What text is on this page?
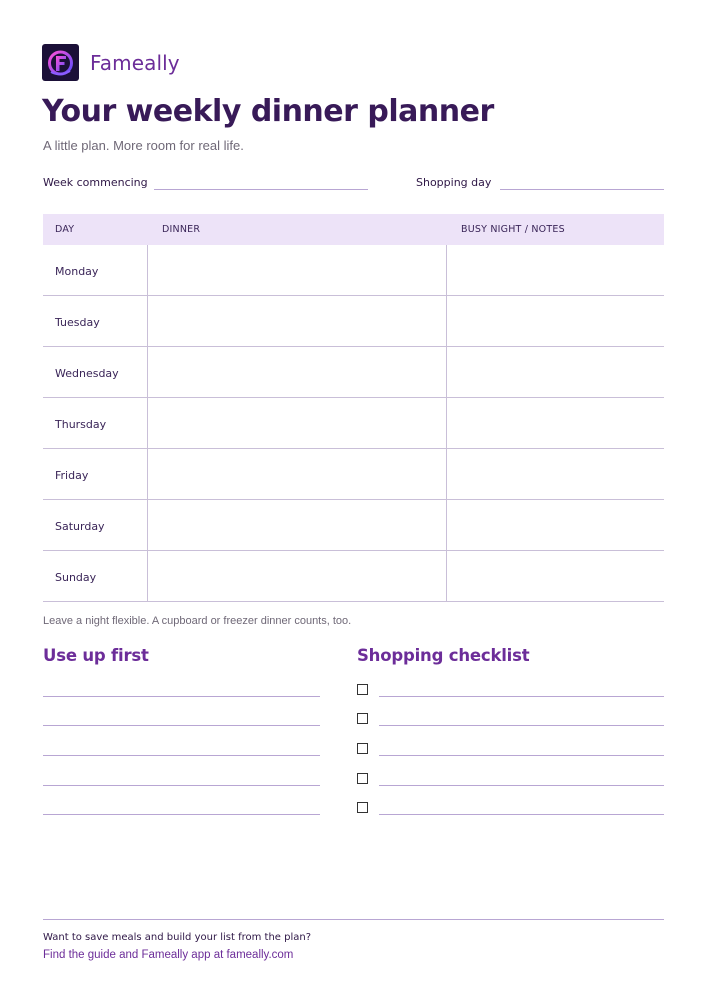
Fameally
Your weekly dinner planner

A little plan. More room for real life.

Week commencing	Shopping day
DAY	DINNER	BUSY NIGHT / NOTES
Monday
Tuesday
Wednesday
Thursday
Friday
Saturday
Sunday

Leave a night flexible. A cupboard or freezer dinner counts, too.

Use up first	Shopping checklist

Want to save meals and build your list from the plan?

Find the guide and Fameally app at fameally.com
